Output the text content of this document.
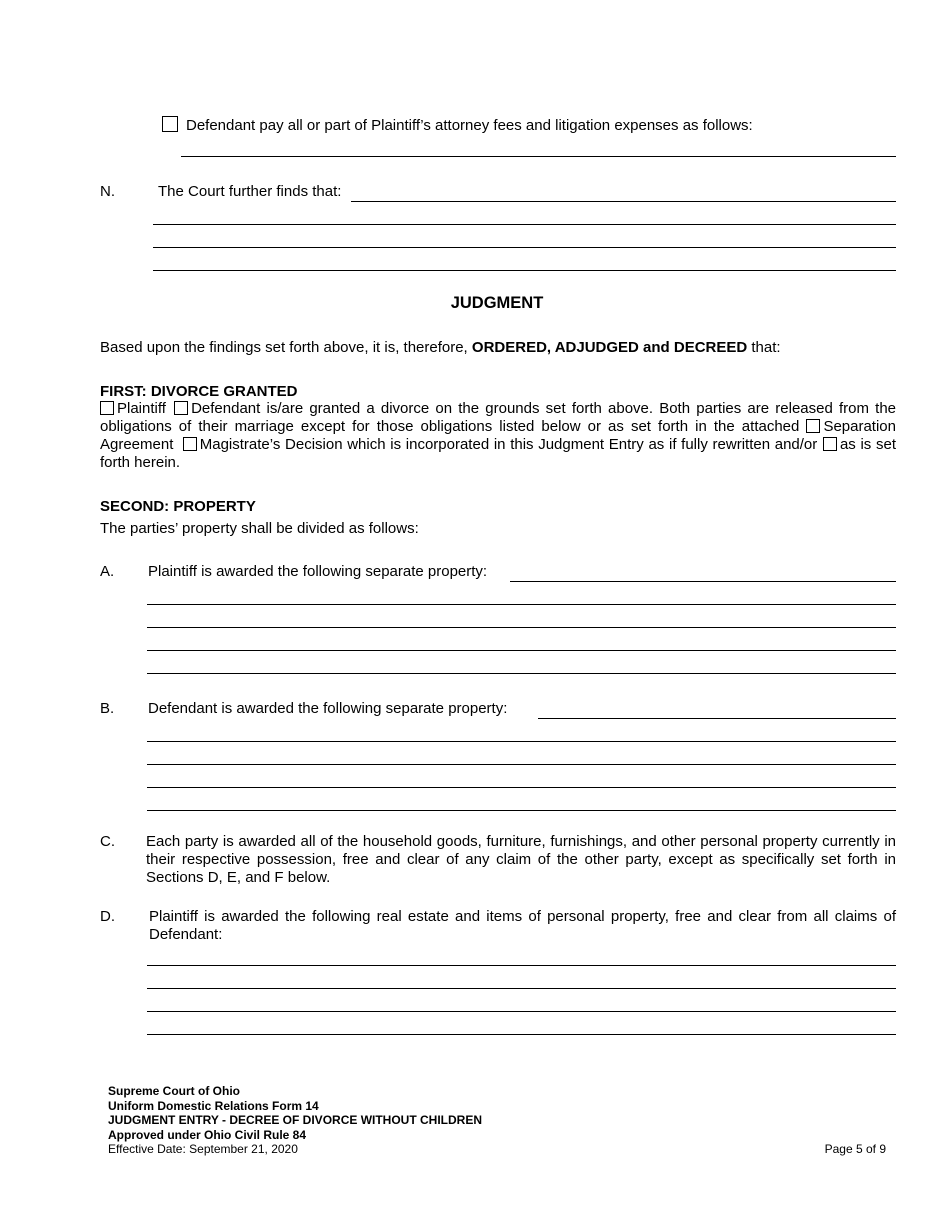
Defendant pay all or part of Plaintiff’s attorney fees and litigation expenses as follows:
N.	The Court further finds that:
JUDGMENT
Based upon the findings set forth above, it is, therefore, ORDERED, ADJUDGED and DECREED that:
FIRST: DIVORCE GRANTED
Plaintiff Defendant is/are granted a divorce on the grounds set forth above. Both parties are released from the obligations of their marriage except for those obligations listed below or as set forth in the attached Separation Agreement Magistrate’s Decision which is incorporated in this Judgment Entry as if fully rewritten and/or as is set forth herein.
SECOND: PROPERTY
The parties’ property shall be divided as follows:
A. Plaintiff is awarded the following separate property:
B. Defendant is awarded the following separate property:
C. Each party is awarded all of the household goods, furniture, furnishings, and other personal property currently in their respective possession, free and clear of any claim of the other party, except as specifically set forth in Sections D, E, and F below.
D. Plaintiff is awarded the following real estate and items of personal property, free and clear from all claims of Defendant:
Supreme Court of Ohio
Uniform Domestic Relations Form 14
JUDGMENT ENTRY - DECREE OF DIVORCE WITHOUT CHILDREN
Approved under Ohio Civil Rule 84
Effective Date: September 21, 2020	Page 5 of 9
